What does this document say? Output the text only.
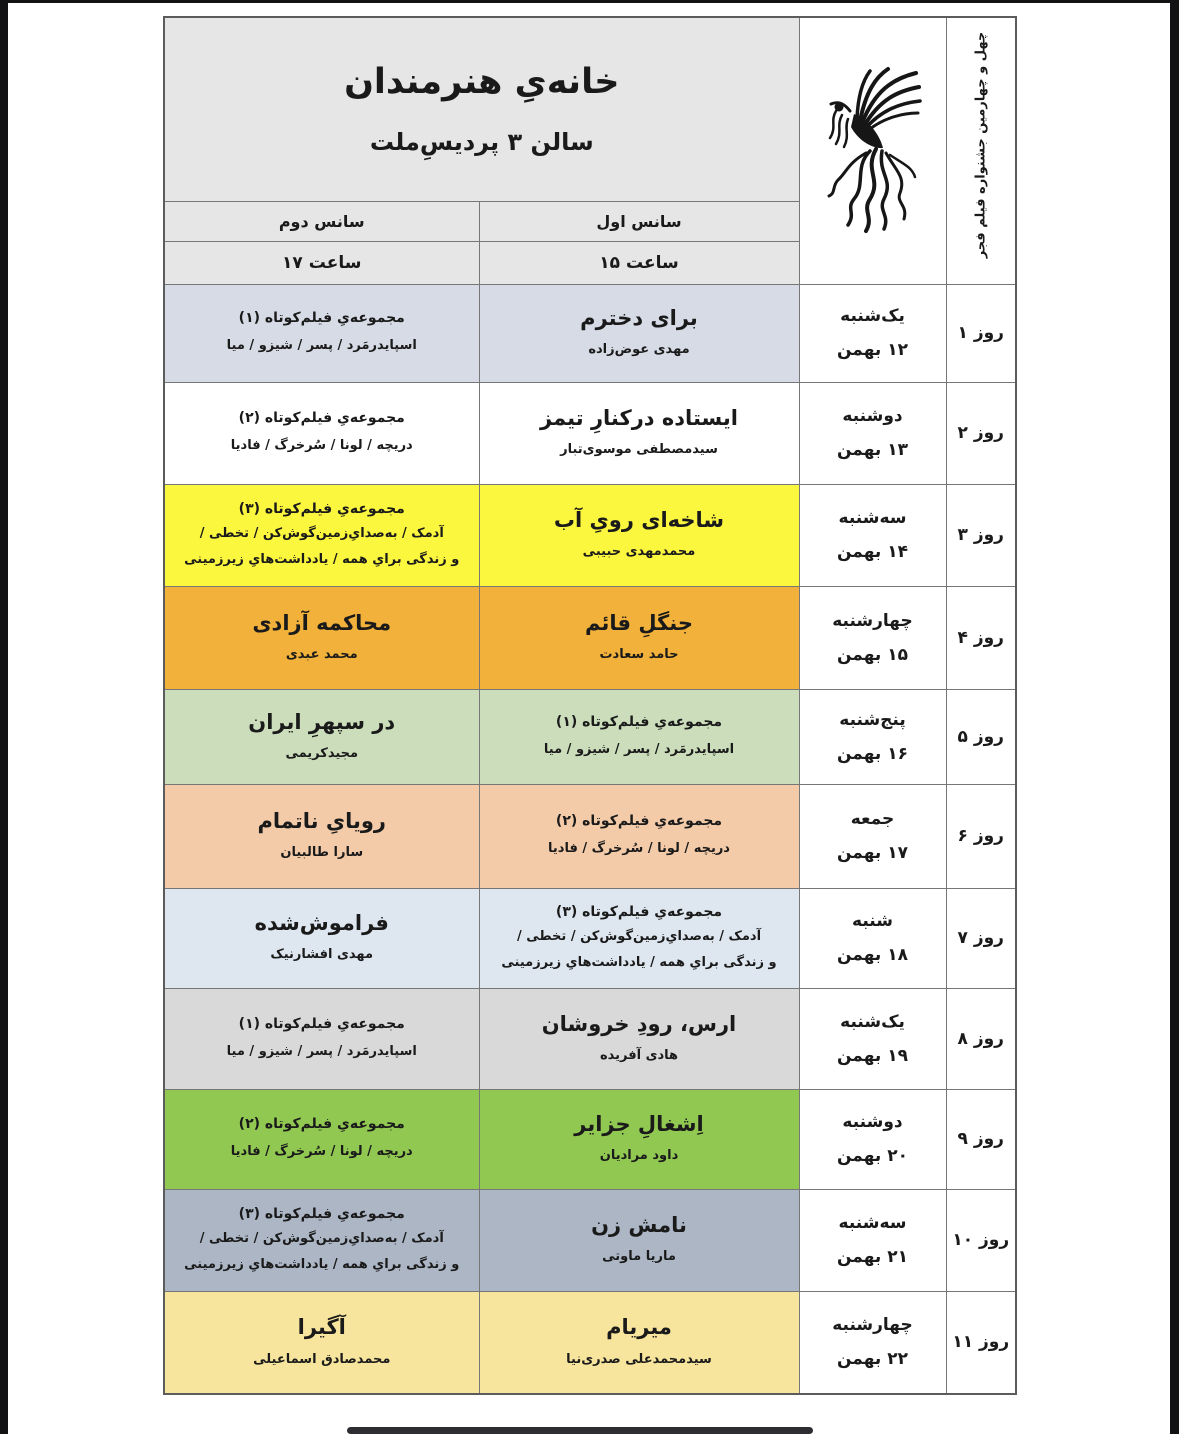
چهل و چهارمین جشنواره فیلم فجر		خانه‌یِ هنرمندان
سالن ۳ پردیسِ‌ملت	

		سانس اول	سانس دوم
		ساعت ۱۵	ساعت ۱۷
روز ۱	
یک‌شنبه
۱۲ بهمن

برای دخترم
مهدی عوض‌زاده

مجموعه‌یِ فیلم‌کوتاه (۱)
اسپایدرمَرد / پسر / شیزو / میا

روز ۲	
دوشنبه
۱۳ بهمن

ایستاده درکنارِ تیمز
سیدمصطفی موسوی‌تبار

مجموعه‌یِ فیلم‌کوتاه (۲)
دریچه / لونا / سُرخرگ / فادیا

روز ۳	
سه‌شنبه
۱۴ بهمن

شاخه‌ای رویِ آب
محمدمهدی حبیبی

مجموعه‌یِ فیلم‌کوتاه (۳)
آدمک / به‌صدایِ‌زمین‌گوش‌کن / تخطی /
و زندگی برایِ همه / یادداشت‌هایِ زیرزمینی

روز ۴	
چهارشنبه
۱۵ بهمن

جنگلِ قائم
حامد سعادت

محاکمه آزادی
محمد عبدی

روز ۵	
پنج‌شنبه
۱۶ بهمن

مجموعه‌یِ فیلم‌کوتاه (۱)
اسپایدرمَرد / پسر / شیزو / میا

در سپهرِ ایران
مجیدکریمی

روز ۶	
جمعه
۱۷ بهمن

مجموعه‌یِ فیلم‌کوتاه (۲)
دریچه / لونا / سُرخرگ / فادیا

رویایِ ناتمام
سارا طالبیان

روز ۷	
شنبه
۱۸ بهمن

مجموعه‌یِ فیلم‌کوتاه (۳)
آدمک / به‌صدایِ‌زمین‌گوش‌کن / تخطی /
و زندگی برایِ همه / یادداشت‌هایِ زیرزمینی

فراموش‌شده
مهدی افشارنیک

روز ۸	
یک‌شنبه
۱۹ بهمن

ارس، رودِ خروشان
هادی آفریده

مجموعه‌یِ فیلم‌کوتاه (۱)
اسپایدرمَرد / پسر / شیزو / میا

روز ۹	
دوشنبه
۲۰ بهمن

اِشغالِ جزایر
داود مرادیان

مجموعه‌یِ فیلم‌کوتاه (۲)
دریچه / لونا / سُرخرگ / فادیا

روز ۱۰	
سه‌شنبه
۲۱ بهمن

نامش زن
ماریا ماوتی

مجموعه‌یِ فیلم‌کوتاه (۳)
آدمک / به‌صدایِ‌زمین‌گوش‌کن / تخطی /
و زندگی برایِ همه / یادداشت‌هایِ زیرزمینی

روز ۱۱	
چهارشنبه
۲۲ بهمن

میریام
سیدمحمدعلی صدری‌نیا

آگیرا
محمدصادق اسماعیلی
